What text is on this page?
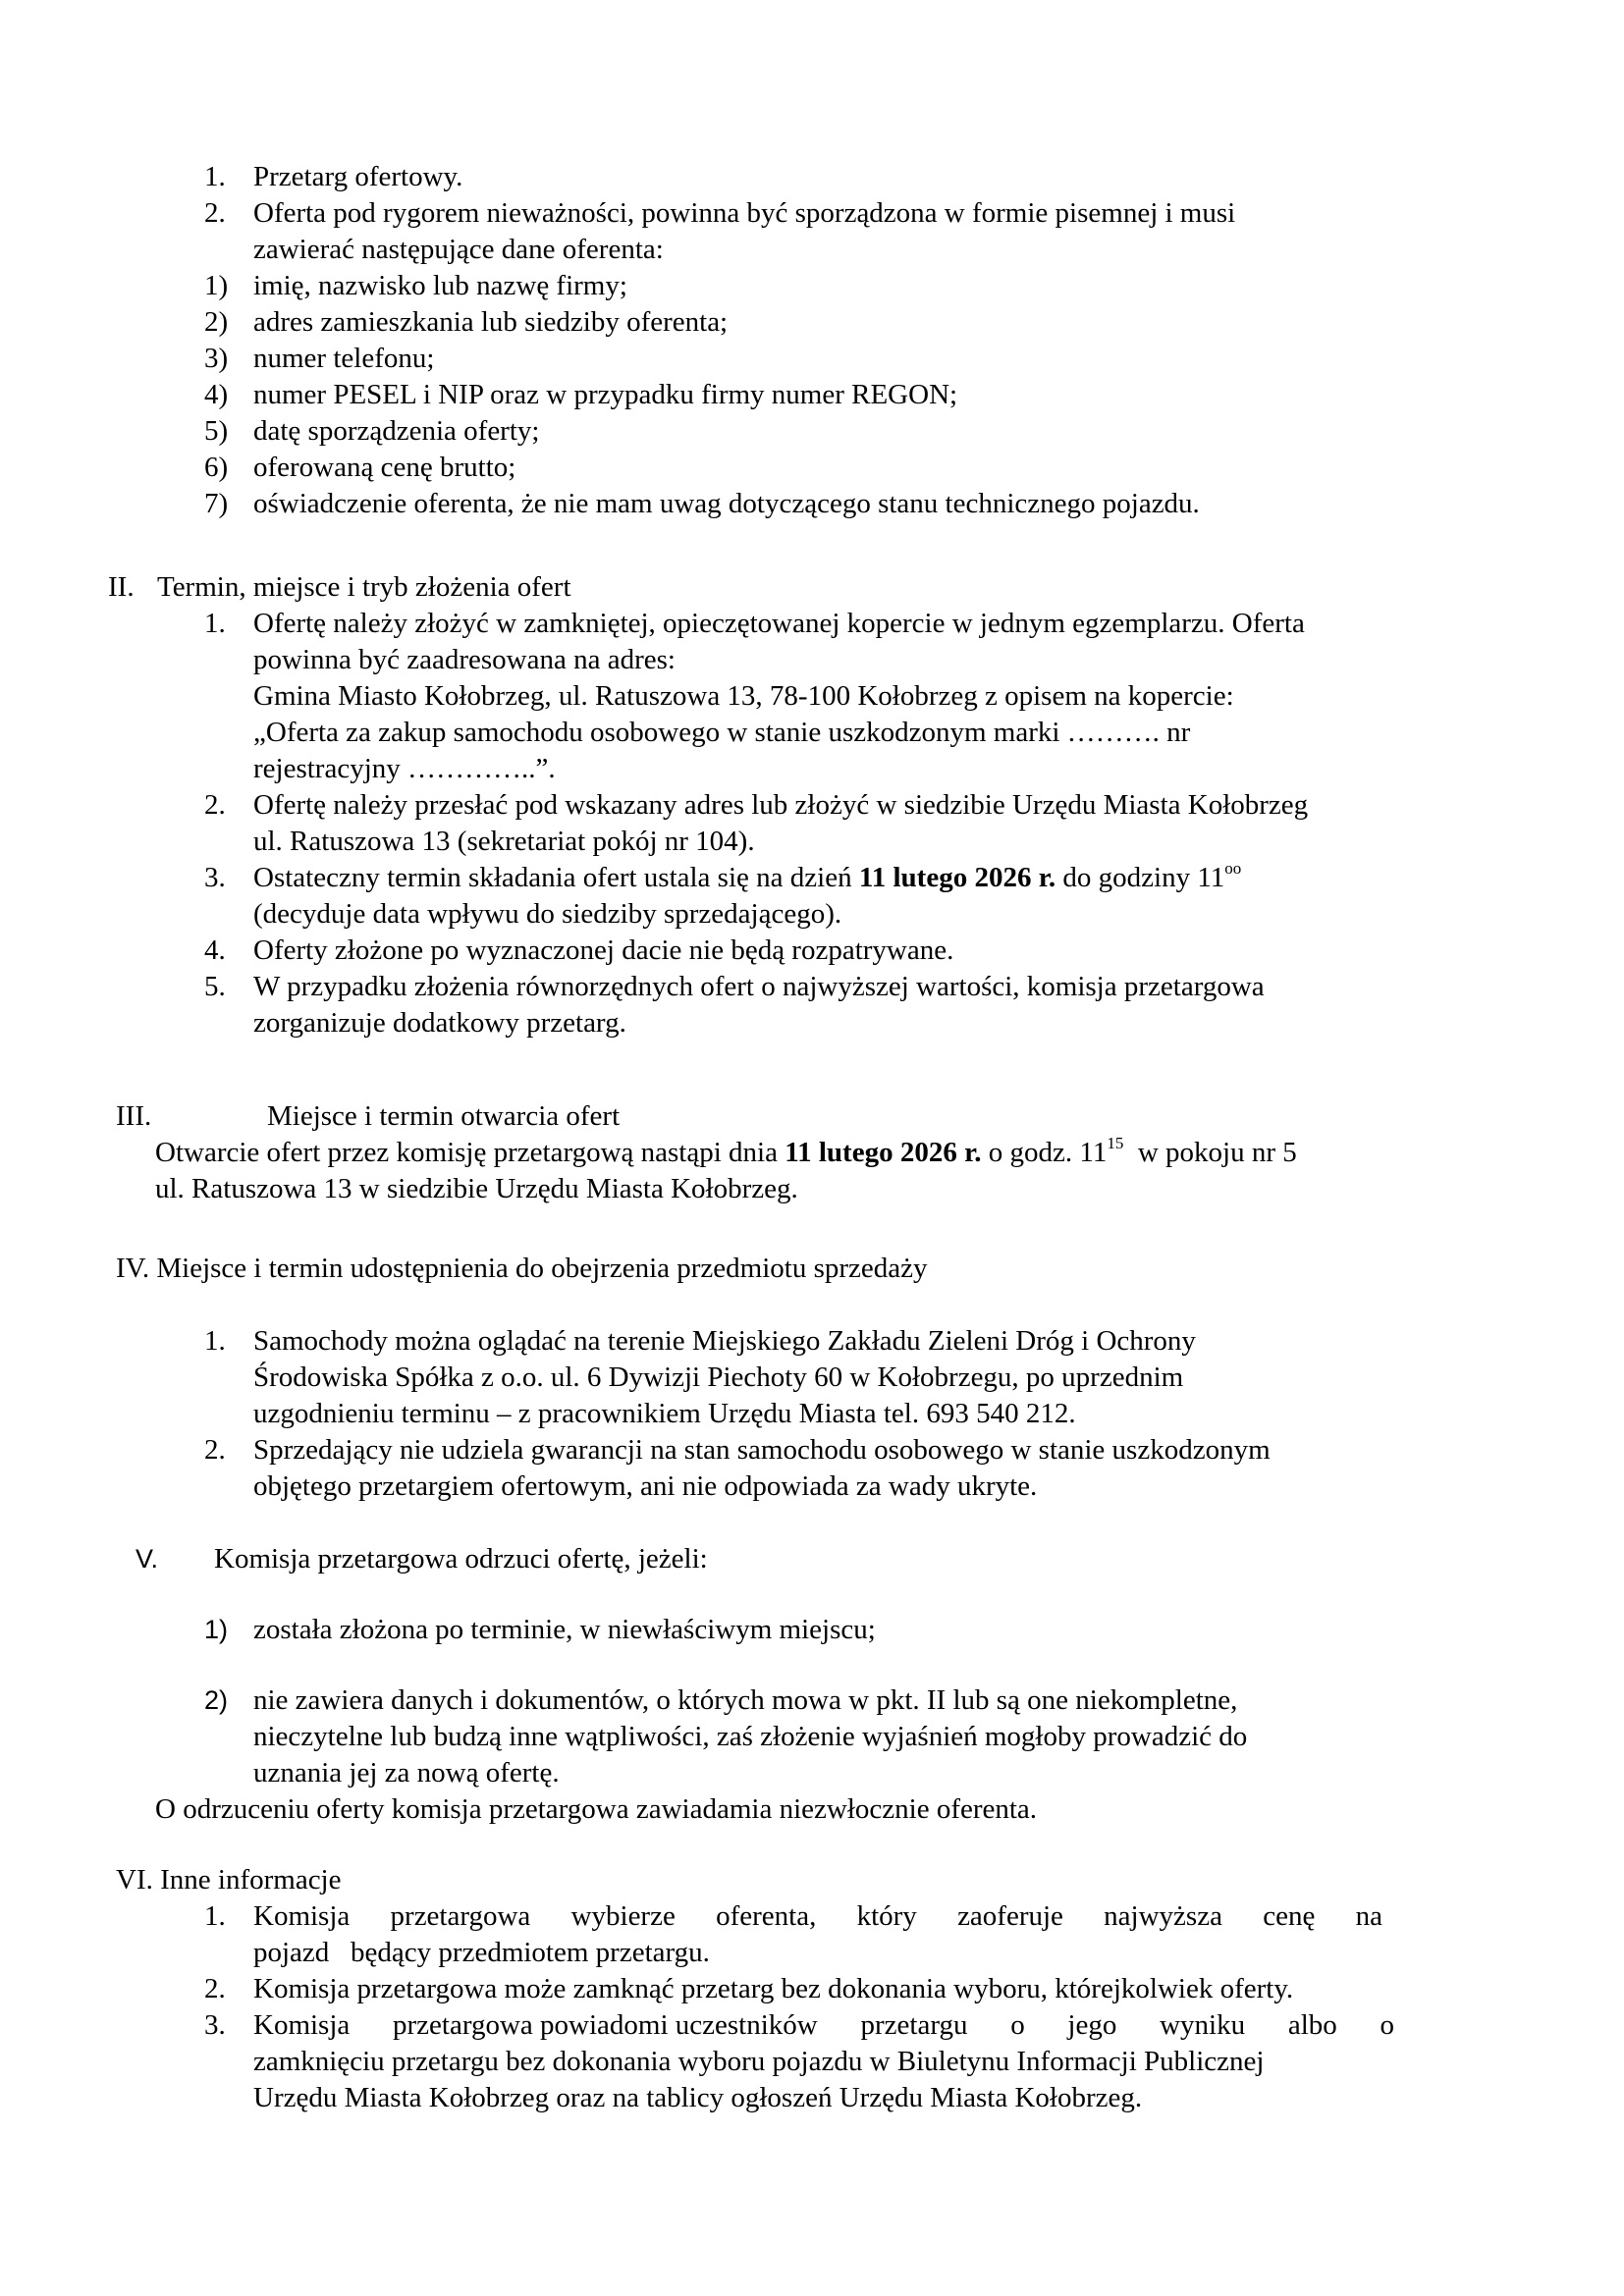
1. Przetarg ofertowy.
2. Oferta pod rygorem nieważności, powinna być sporządzona w formie pisemnej i musi
zawierać następujące dane oferenta:
1) imię, nazwisko lub nazwę firmy;
2) adres zamieszkania lub siedziby oferenta;
3) numer telefonu;
4) numer PESEL i NIP oraz w przypadku firmy numer REGON;
5) datę sporządzenia oferty;
6) oferowaną cenę brutto;
7) oświadczenie oferenta, że nie mam uwag dotyczącego stanu technicznego pojazdu.
II. Termin, miejsce i tryb złożenia ofert
1. Ofertę należy złożyć w zamkniętej, opieczętowanej kopercie w jednym egzemplarzu. Oferta
powinna być zaadresowana na adres:
Gmina Miasto Kołobrzeg, ul. Ratuszowa 13, 78-100 Kołobrzeg z opisem na kopercie:
„Oferta za zakup samochodu osobowego w stanie uszkodzonym marki ………. nr
rejestracyjny …………..”.
2. Ofertę należy przesłać pod wskazany adres lub złożyć w siedzibie Urzędu Miasta Kołobrzeg
ul. Ratuszowa 13 (sekretariat pokój nr 104).
3. Ostateczny termin składania ofert ustala się na dzień 11 lutego 2026 r. do godziny $11^{oo}$
(decyduje data wpływu do siedziby sprzedającego).
4. Oferty złożone po wyznaczonej dacie nie będą rozpatrywane.
5. W przypadku złożenia równorzędnych ofert o najwyższej wartości, komisja przetargowa
zorganizuje dodatkowy przetarg.
III.	Miejsce i termin otwarcia ofert
Otwarcie ofert przez komisję przetargową nastąpi dnia 11 lutego 2026 r. o godz. $11^{15}$  w pokoju nr 5
ul. Ratuszowa 13 w siedzibie Urzędu Miasta Kołobrzeg.
IV. Miejsce i termin udostępnienia do obejrzenia przedmiotu sprzedaży
1. Samochody można oglądać na terenie Miejskiego Zakładu Zieleni Dróg i Ochrony
Środowiska Spółka z o.o. ul. 6 Dywizji Piechoty 60 w Kołobrzegu, po uprzednim
uzgodnieniu terminu – z pracownikiem Urzędu Miasta tel. 693 540 212.
2. Sprzedający nie udziela gwarancji na stan samochodu osobowego w stanie uszkodzonym
objętego przetargiem ofertowym, ani nie odpowiada za wady ukryte.
V. Komisja przetargowa odrzuci ofertę, jeżeli:
1) została złożona po terminie, w niewłaściwym miejscu;
2) nie zawiera danych i dokumentów, o których mowa w pkt. II lub są one niekompletne,
nieczytelne lub budzą inne wątpliwości, zaś złożenie wyjaśnień mogłoby prowadzić do
uznania jej za nową ofertę.
O odrzuceniu oferty komisja przetargowa zawiadamia niezwłocznie oferenta.
VI. Inne informacje
1. Komisja przetargowa wybierze oferenta, który zaoferuje najwyższa cenę na
pojazd   będący przedmiotem przetargu.
2. Komisja przetargowa może zamknąć przetarg bez dokonania wyboru, którejkolwiek oferty.
3. Komisja przetargowa powiadomi uczestników przetargu o jego wyniku albo o
zamknięciu przetargu bez dokonania wyboru pojazdu w Biuletynu Informacji Publicznej
Urzędu Miasta Kołobrzeg oraz na tablicy ogłoszeń Urzędu Miasta Kołobrzeg.
